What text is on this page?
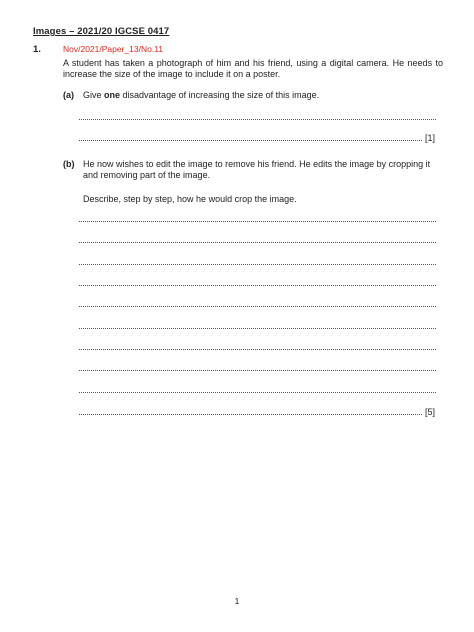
Images – 2021/20 IGCSE 0417
1.	Nov/2021/Paper_13/No.11
A student has taken a photograph of him and his friend, using a digital camera. He needs to increase the size of the image to include it on a poster.
(a) Give one disadvantage of increasing the size of this image.
[1]
(b) He now wishes to edit the image to remove his friend. He edits the image by cropping it and removing part of the image.
Describe, step by step, how he would crop the image.
[5]
1
